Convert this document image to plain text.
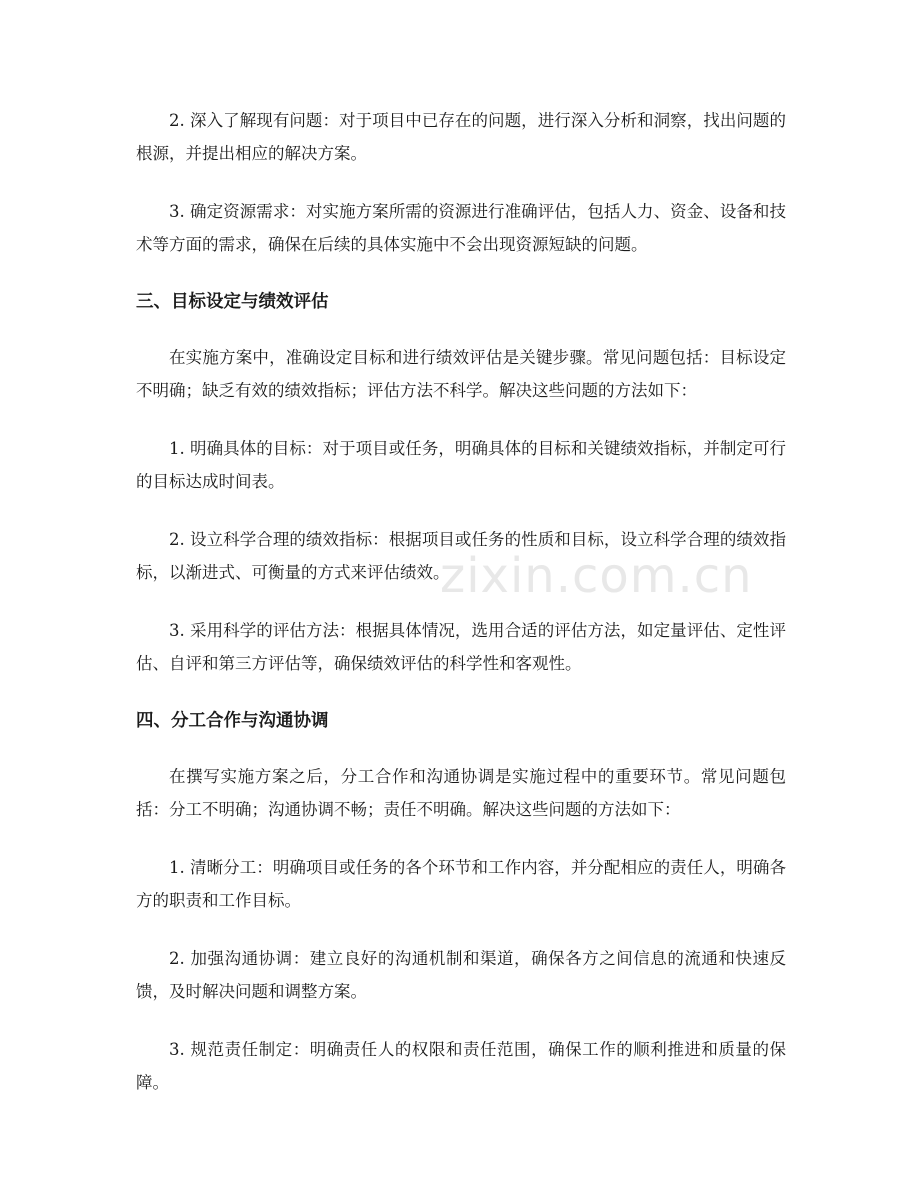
2. 深入了解现有问题：对于项目中已存在的问题，进行深入分析和洞察，找出问题的根源，并提出相应的解决方案。

3. 确定资源需求：对实施方案所需的资源进行准确评估，包括人力、资金、设备和技术等方面的需求，确保在后续的具体实施中不会出现资源短缺的问题。

三、目标设定与绩效评估

在实施方案中，准确设定目标和进行绩效评估是关键步骤。常见问题包括：目标设定不明确；缺乏有效的绩效指标；评估方法不科学。解决这些问题的方法如下：

1. 明确具体的目标：对于项目或任务，明确具体的目标和关键绩效指标，并制定可行的目标达成时间表。

2. 设立科学合理的绩效指标：根据项目或任务的性质和目标，设立科学合理的绩效指标，以渐进式、可衡量的方式来评估绩效。

3. 采用科学的评估方法：根据具体情况，选用合适的评估方法，如定量评估、定性评估、自评和第三方评估等，确保绩效评估的科学性和客观性。

四、分工合作与沟通协调

在撰写实施方案之后，分工合作和沟通协调是实施过程中的重要环节。常见问题包括：分工不明确；沟通协调不畅；责任不明确。解决这些问题的方法如下：

1. 清晰分工：明确项目或任务的各个环节和工作内容，并分配相应的责任人，明确各方的职责和工作目标。

2. 加强沟通协调：建立良好的沟通机制和渠道，确保各方之间信息的流通和快速反馈，及时解决问题和调整方案。

3. 规范责任制定：明确责任人的权限和责任范围，确保工作的顺利推进和质量的保障。

zixin.com.cn
